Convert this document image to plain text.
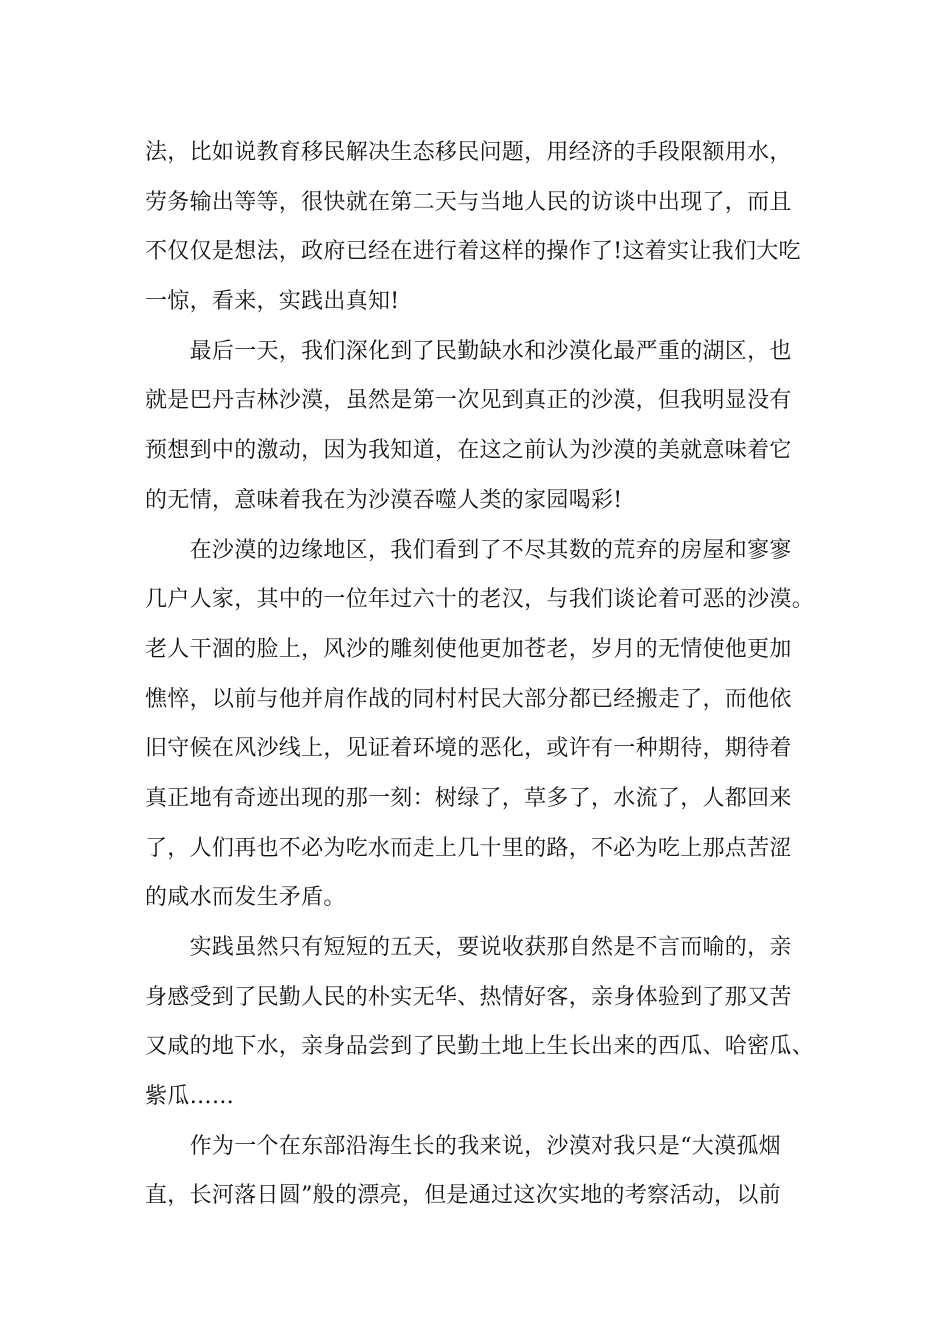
法，比如说教育移民解决生态移民问题，用经济的手段限额用水，
劳务输出等等，很快就在第二天与当地人民的访谈中出现了，而且
不仅仅是想法，政府已经在进行着这样的操作了!这着实让我们大吃
一惊，看来，实践出真知!
　　最后一天，我们深化到了民勤缺水和沙漠化最严重的湖区，也
就是巴丹吉林沙漠，虽然是第一次见到真正的沙漠，但我明显没有
预想到中的激动，因为我知道，在这之前认为沙漠的美就意味着它
的无情，意味着我在为沙漠吞噬人类的家园喝彩!
　　在沙漠的边缘地区，我们看到了不尽其数的荒弃的房屋和寥寥
几户人家，其中的一位年过六十的老汉，与我们谈论着可恶的沙漠。
老人干涸的脸上，风沙的雕刻使他更加苍老，岁月的无情使他更加
憔悴，以前与他并肩作战的同村村民大部分都已经搬走了，而他依
旧守候在风沙线上，见证着环境的恶化，或许有一种期待，期待着
真正地有奇迹出现的那一刻：树绿了，草多了，水流了，人都回来
了，人们再也不必为吃水而走上几十里的路，不必为吃上那点苦涩
的咸水而发生矛盾。
　　实践虽然只有短短的五天，要说收获那自然是不言而喻的，亲
身感受到了民勤人民的朴实无华、热情好客，亲身体验到了那又苦
又咸的地下水，亲身品尝到了民勤土地上生长出来的西瓜、哈密瓜、
紫瓜……
　　作为一个在东部沿海生长的我来说，沙漠对我只是“大漠孤烟
直，长河落日圆”般的漂亮，但是通过这次实地的考察活动，以前
